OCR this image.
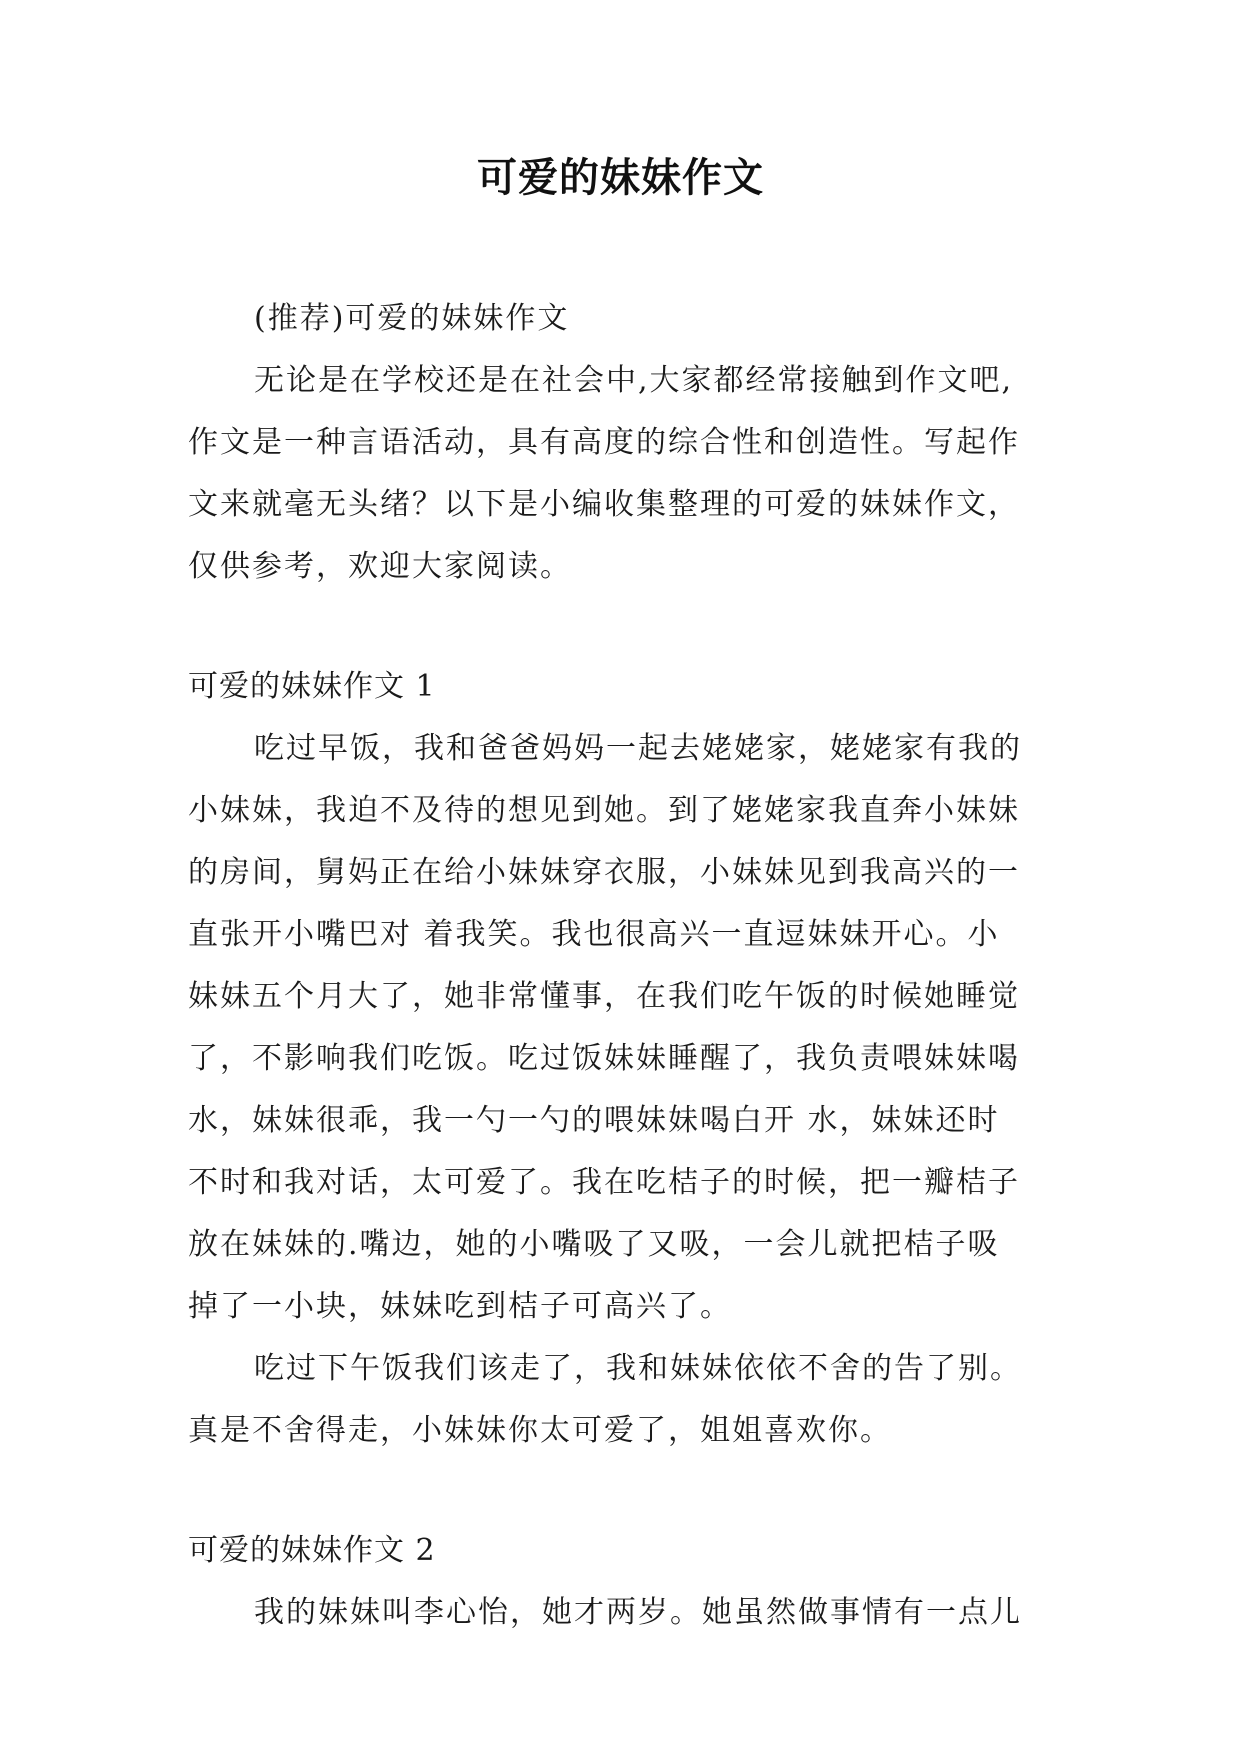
可爱的妹妹作文
(推荐)可爱的妹妹作文
无论是在学校还是在社会中,大家都经常接触到作文吧,
作文是一种言语活动，具有高度的综合性和创造性。写起作
文来就毫无头绪？以下是小编收集整理的可爱的妹妹作文，
仅供参考，欢迎大家阅读。
可爱的妹妹作文 1
吃过早饭，我和爸爸妈妈一起去姥姥家，姥姥家有我的
小妹妹，我迫不及待的想见到她。到了姥姥家我直奔小妹妹
的房间，舅妈正在给小妹妹穿衣服，小妹妹见到我高兴的一
直张开小嘴巴对 着我笑。我也很高兴一直逗妹妹开心。小
妹妹五个月大了，她非常懂事，在我们吃午饭的时候她睡觉
了，不影响我们吃饭。吃过饭妹妹睡醒了，我负责喂妹妹喝
水，妹妹很乖，我一勺一勺的喂妹妹喝白开 水，妹妹还时
不时和我对话，太可爱了。我在吃桔子的时候，把一瓣桔子
放在妹妹的.嘴边，她的小嘴吸了又吸，一会儿就把桔子吸
掉了一小块，妹妹吃到桔子可高兴了。
吃过下午饭我们该走了，我和妹妹依依不舍的告了别。
真是不舍得走，小妹妹你太可爱了，姐姐喜欢你。
可爱的妹妹作文 2
我的妹妹叫李心怡，她才两岁。她虽然做事情有一点儿
